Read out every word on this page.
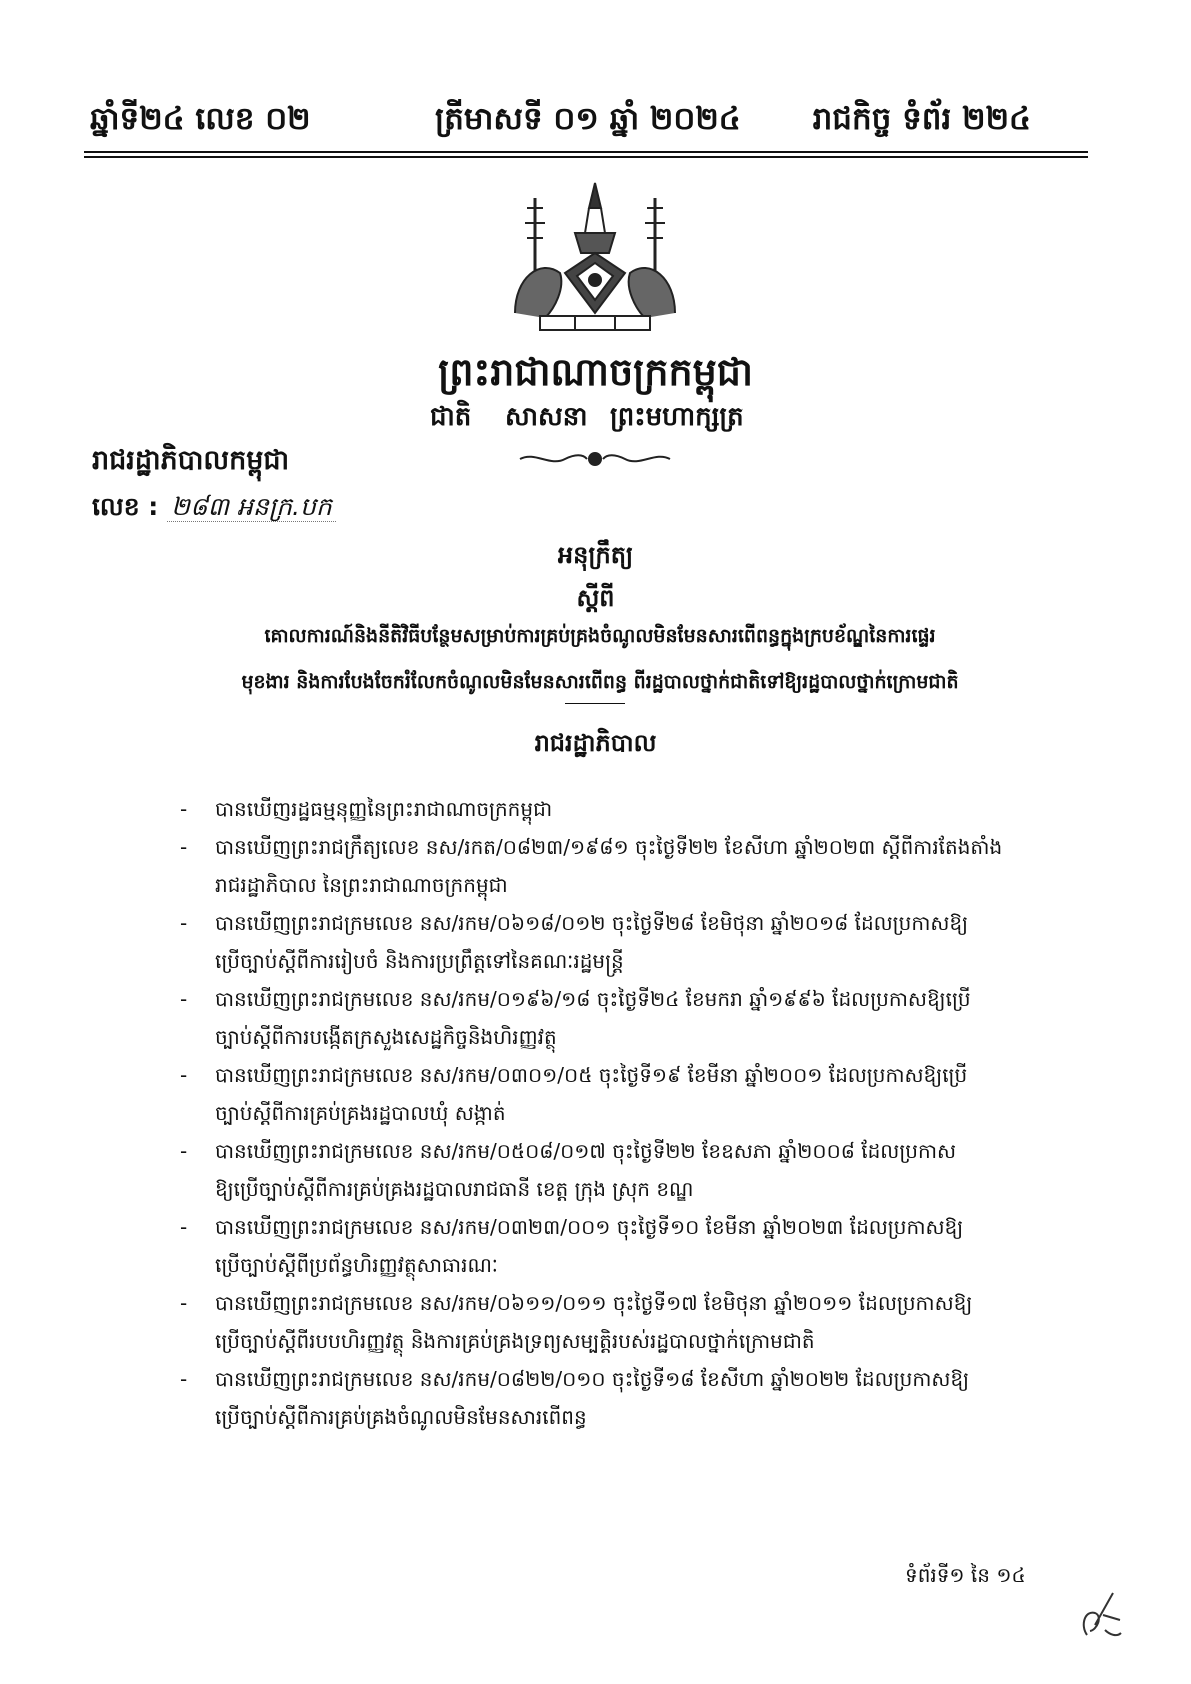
ឆ្នាំទី២៤ លេខ ០២	ត្រីមាសទី ០១ ឆ្នាំ ២០២៤ រាជកិច្ច ទំព័រ ២២៤
ព្រះរាជាណាចក្រកម្ពុជា
ជាតិ សាសនា ព្រះមហាក្សត្រ
រាជរដ្ឋាភិបាលកម្ពុជា
លេខ : ២៨៣ អនក្រ.បក
អនុក្រឹត្យ
ស្តីពី
គោលការណ៍និងនីតិវិធីបន្ថែមសម្រាប់ការគ្រប់គ្រងចំណូលមិនមែនសារពើពន្ធក្នុងក្របខ័ណ្ឌនៃការផ្ទេរ
មុខងារ និងការបែងចែករំលែកចំណូលមិនមែនសារពើពន្ធ ពីរដ្ឋបាលថ្នាក់ជាតិទៅឱ្យរដ្ឋបាលថ្នាក់ក្រោមជាតិ
រាជរដ្ឋាភិបាល
- បានឃើញរដ្ឋធម្មនុញ្ញនៃព្រះរាជាណាចក្រកម្ពុជា
- បានឃើញព្រះរាជក្រឹត្យលេខ នស/រកត/០៨២៣/១៩៨១ ចុះថ្ងៃទី២២ ខែសីហា ឆ្នាំ២០២៣ ស្តីពីការតែងតាំង
រាជរដ្ឋាភិបាល នៃព្រះរាជាណាចក្រកម្ពុជា
- បានឃើញព្រះរាជក្រមលេខ នស/រកម/០៦១៨/០១២ ចុះថ្ងៃទី២៨ ខែមិថុនា ឆ្នាំ២០១៨ ដែលប្រកាសឱ្យ
ប្រើច្បាប់ស្តីពីការរៀបចំ និងការប្រព្រឹត្តទៅនៃគណៈរដ្ឋមន្ត្រី
- បានឃើញព្រះរាជក្រមលេខ នស/រកម/០១៩៦/១៨ ចុះថ្ងៃទី២៤ ខែមករា ឆ្នាំ១៩៩៦ ដែលប្រកាសឱ្យប្រើ
ច្បាប់ស្តីពីការបង្កើតក្រសួងសេដ្ឋកិច្ចនិងហិរញ្ញវត្ថុ
- បានឃើញព្រះរាជក្រមលេខ នស/រកម/០៣០១/០៥ ចុះថ្ងៃទី១៩ ខែមីនា ឆ្នាំ២០០១ ដែលប្រកាសឱ្យប្រើ
ច្បាប់ស្តីពីការគ្រប់គ្រងរដ្ឋបាលឃុំ សង្កាត់
- បានឃើញព្រះរាជក្រមលេខ នស/រកម/០៥០៨/០១៧ ចុះថ្ងៃទី២២ ខែឧសភា ឆ្នាំ២០០៨ ដែលប្រកាស
ឱ្យប្រើច្បាប់ស្តីពីការគ្រប់គ្រងរដ្ឋបាលរាជធានី ខេត្ត ក្រុង ស្រុក ខណ្ឌ
- បានឃើញព្រះរាជក្រមលេខ នស/រកម/០៣២៣/០០១ ចុះថ្ងៃទី១០ ខែមីនា ឆ្នាំ២០២៣ ដែលប្រកាសឱ្យ
ប្រើច្បាប់ស្តីពីប្រព័ន្ធហិរញ្ញវត្ថុសាធារណៈ
- បានឃើញព្រះរាជក្រមលេខ នស/រកម/០៦១១/០១១ ចុះថ្ងៃទី១៧ ខែមិថុនា ឆ្នាំ២០១១ ដែលប្រកាសឱ្យ
ប្រើច្បាប់ស្តីពីរបបហិរញ្ញវត្ថុ និងការគ្រប់គ្រងទ្រព្យសម្បត្តិរបស់រដ្ឋបាលថ្នាក់ក្រោមជាតិ
- បានឃើញព្រះរាជក្រមលេខ នស/រកម/០៨២២/០១០ ចុះថ្ងៃទី១៨ ខែសីហា ឆ្នាំ២០២២ ដែលប្រកាសឱ្យ
ប្រើច្បាប់ស្តីពីការគ្រប់គ្រងចំណូលមិនមែនសារពើពន្ធ
ទំព័រទី១ នៃ ១៤
